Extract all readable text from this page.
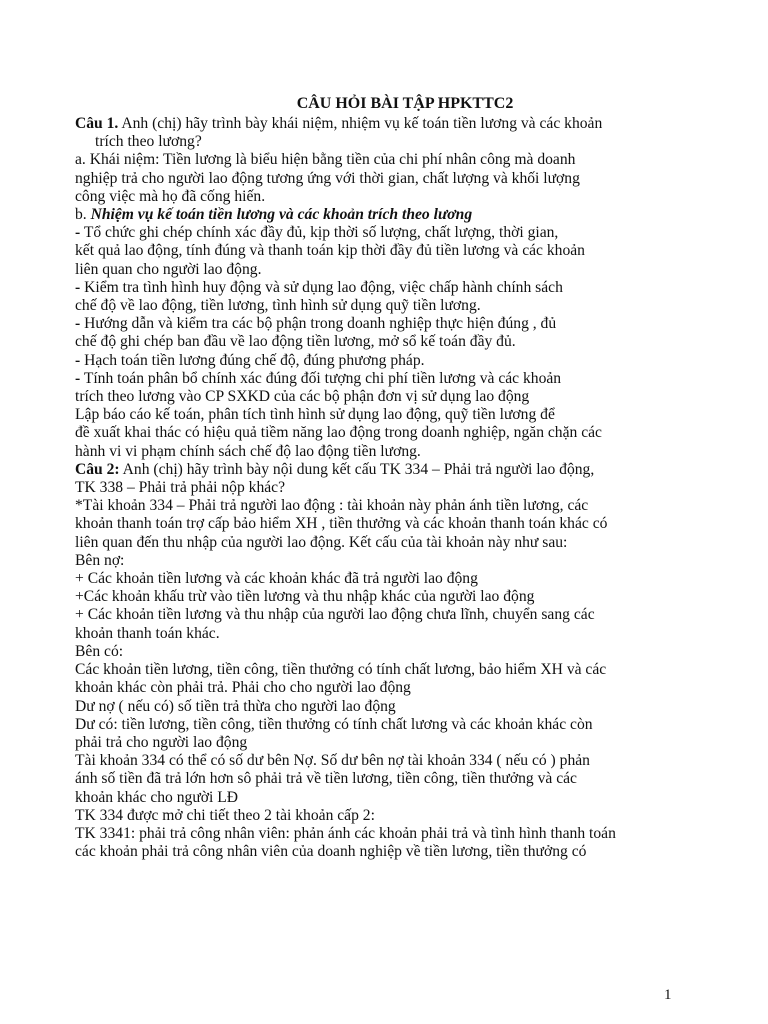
CÂU HỎI BÀI TẬP HPKTTC2
Câu 1. Anh (chị) hãy trình bày khái niệm, nhiệm vụ kế toán tiền lương và các khoản
trích theo lương?
a. Khái niệm: Tiền lương là biểu hiện bằng tiền của chi phí nhân công mà doanh
nghiệp trả cho người lao động tương ứng với thời gian, chất lượng và khối lượng
công việc mà họ đã cống hiến.
b. Nhiệm vụ kế toán tiền lương và các khoản trích theo lương
- Tổ chức ghi chép chính xác đầy đủ, kịp thời số lượng, chất lượng, thời gian,
kết quả lao động, tính đúng và thanh toán kịp thời đầy đủ tiền lương và các khoản
liên quan cho người lao động.
- Kiểm tra tình hình huy động và sử dụng lao động, việc chấp hành chính sách
chế độ về lao động, tiền lương, tình hình sử dụng quỹ tiền lương.
- Hướng dẫn và kiểm tra các bộ phận trong doanh nghiệp thực hiện đúng , đủ
chế độ ghi chép ban đầu về lao động tiền lương, mở sổ kế toán đầy đủ.
- Hạch toán tiền lương đúng chế độ, đúng phương pháp.
- Tính toán phân bổ chính xác đúng đối tượng chi phí tiền lương và các khoản
trích theo lương vào CP SXKD của các bộ phận đơn vị sử dụng lao động
Lập báo cáo kế toán, phân tích tình hình sử dụng lao động, quỹ tiền lương để
đề xuất khai thác có hiệu quả tiềm năng lao động trong doanh nghiệp, ngăn chặn các
hành vi vi phạm chính sách chế độ lao động tiền lương.
Câu 2: Anh (chị) hãy trình bày nội dung kết cấu TK 334 – Phải trả người lao động,
TK 338 – Phải trả phải nộp khác?
*Tài khoản 334 – Phải trả người lao động : tài khoản này phản ánh tiền lương, các
khoản thanh toán trợ cấp bảo hiểm XH , tiền thưởng và các khoản thanh toán khác có
liên quan đến thu nhập của người lao động. Kết cấu của tài khoản này như sau:
Bên nợ:
+ Các khoản tiền lương và các khoản khác đã trả người lao động
+Các khoản khấu trừ vào tiền lương và thu nhập khác của người lao động
+ Các khoản tiền lương và thu nhập của người lao động chưa lĩnh, chuyển sang các
khoản thanh toán khác.
Bên có:
Các khoản tiền lương, tiền công, tiền thưởng có tính chất lương, bảo hiểm XH và các
khoản khác còn phải trả. Phải cho cho người lao động
Dư nợ ( nếu có) số tiền trả thừa cho người lao động
Dư có: tiền lương, tiền công, tiền thưởng có tính chất lương và các khoản khác còn
phải trả cho người lao động
Tài khoản 334 có thể có số dư bên Nợ. Số dư bên nợ tài khoản 334 ( nếu có ) phản
ánh số tiền đã trả lớn hơn sô phải trả về tiền lương, tiền công, tiền thưởng và các
khoản khác cho người LĐ
TK 334 được mở chi tiết theo 2 tài khoản cấp 2:
TK 3341: phải trả công nhân viên: phản ánh các khoản phải trả và tình hình thanh toán
các khoản phải trả công nhân viên của doanh nghiệp về tiền lương, tiền thưởng có
1
